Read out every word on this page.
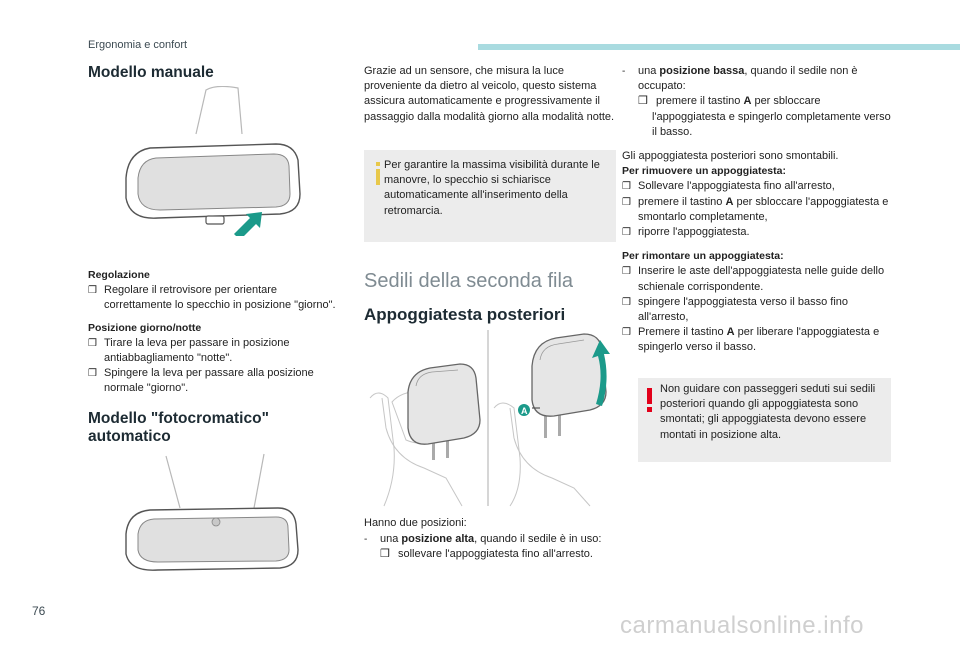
Ergonomia e confort
Modello manuale
Regolazione
❒ Regolare il retrovisore per orientare correttamente lo specchio in posizione "giorno".
Posizione giorno/notte
❒ Tirare la leva per passare in posizione antiabbagliamento "notte".
❒ Spingere la leva per passare alla posizione normale "giorno".
Modello "fotocromatico"
automatico
Grazie ad un sensore, che misura la luce proveniente da dietro al veicolo, questo sistema assicura automaticamente e progressivamente il passaggio dalla modalità giorno alla modalità notte.
Per garantire la massima visibilità durante le manovre, lo specchio si schiarisce automaticamente all'inserimento della retromarcia.
Sedili della seconda fila
Appoggiatesta posteriori
A
Hanno due posizioni:
- una posizione alta, quando il sedile è in uso:
❒ sollevare l'appoggiatesta fino all'arresto.
- una posizione bassa, quando il sedile non è occupato:
❒ premere il tastino A per sbloccare l'appoggiatesta e spingerlo completamente verso il basso.
Gli appoggiatesta posteriori sono smontabili.
Per rimuovere un appoggiatesta:
❒ Sollevare l'appoggiatesta fino all'arresto,
❒ premere il tastino A per sbloccare l'appoggiatesta e smontarlo completamente,
❒ riporre l'appoggiatesta.
Per rimontare un appoggiatesta:
❒ Inserire le aste dell'appoggiatesta nelle guide dello schienale corrispondente.
❒ spingere l'appoggiatesta verso il basso fino all'arresto,
❒ Premere il tastino A per liberare l'appoggiatesta e spingerlo verso il basso.
Non guidare con passeggeri seduti sui sedili posteriori quando gli appoggiatesta sono smontati; gli appoggiatesta devono essere montati in posizione alta.
76
carmanualsonline.info
